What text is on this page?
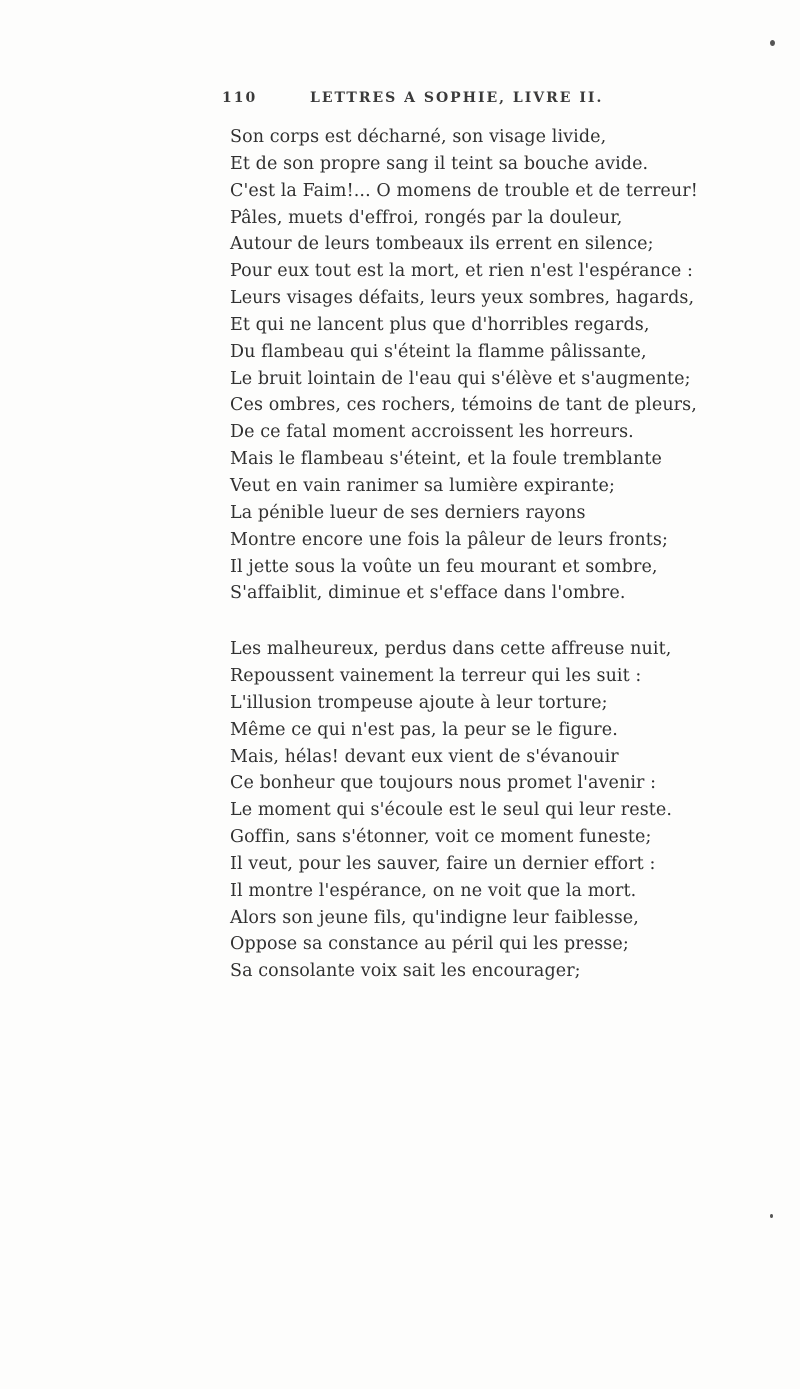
110	LETTRES A SOPHIE, LIVRE II.
Son corps est décharné, son visage livide,
Et de son propre sang il teint sa bouche avide.
C'est la Faim!... O momens de trouble et de terreur!
Pâles, muets d'effroi, rongés par la douleur,
Autour de leurs tombeaux ils errent en silence;
Pour eux tout est la mort, et rien n'est l'espérance :
Leurs visages défaits, leurs yeux sombres, hagards,
Et qui ne lancent plus que d'horribles regards,
Du flambeau qui s'éteint la flamme pâlissante,
Le bruit lointain de l'eau qui s'élève et s'augmente;
Ces ombres, ces rochers, témoins de tant de pleurs,
De ce fatal moment accroissent les horreurs.
Mais le flambeau s'éteint, et la foule tremblante
Veut en vain ranimer sa lumière expirante;
La pénible lueur de ses derniers rayons
Montre encore une fois la pâleur de leurs fronts;
Il jette sous la voûte un feu mourant et sombre,
S'affaiblit, diminue et s'efface dans l'ombre.
Les malheureux, perdus dans cette affreuse nuit,
Repoussent vainement la terreur qui les suit :
L'illusion trompeuse ajoute à leur torture;
Même ce qui n'est pas, la peur se le figure.
Mais, hélas! devant eux vient de s'évanouir
Ce bonheur que toujours nous promet l'avenir :
Le moment qui s'écoule est le seul qui leur reste.
Goffin, sans s'étonner, voit ce moment funeste;
Il veut, pour les sauver, faire un dernier effort :
Il montre l'espérance, on ne voit que la mort.
Alors son jeune fils, qu'indigne leur faiblesse,
Oppose sa constance au péril qui les presse;
Sa consolante voix sait les encourager;
